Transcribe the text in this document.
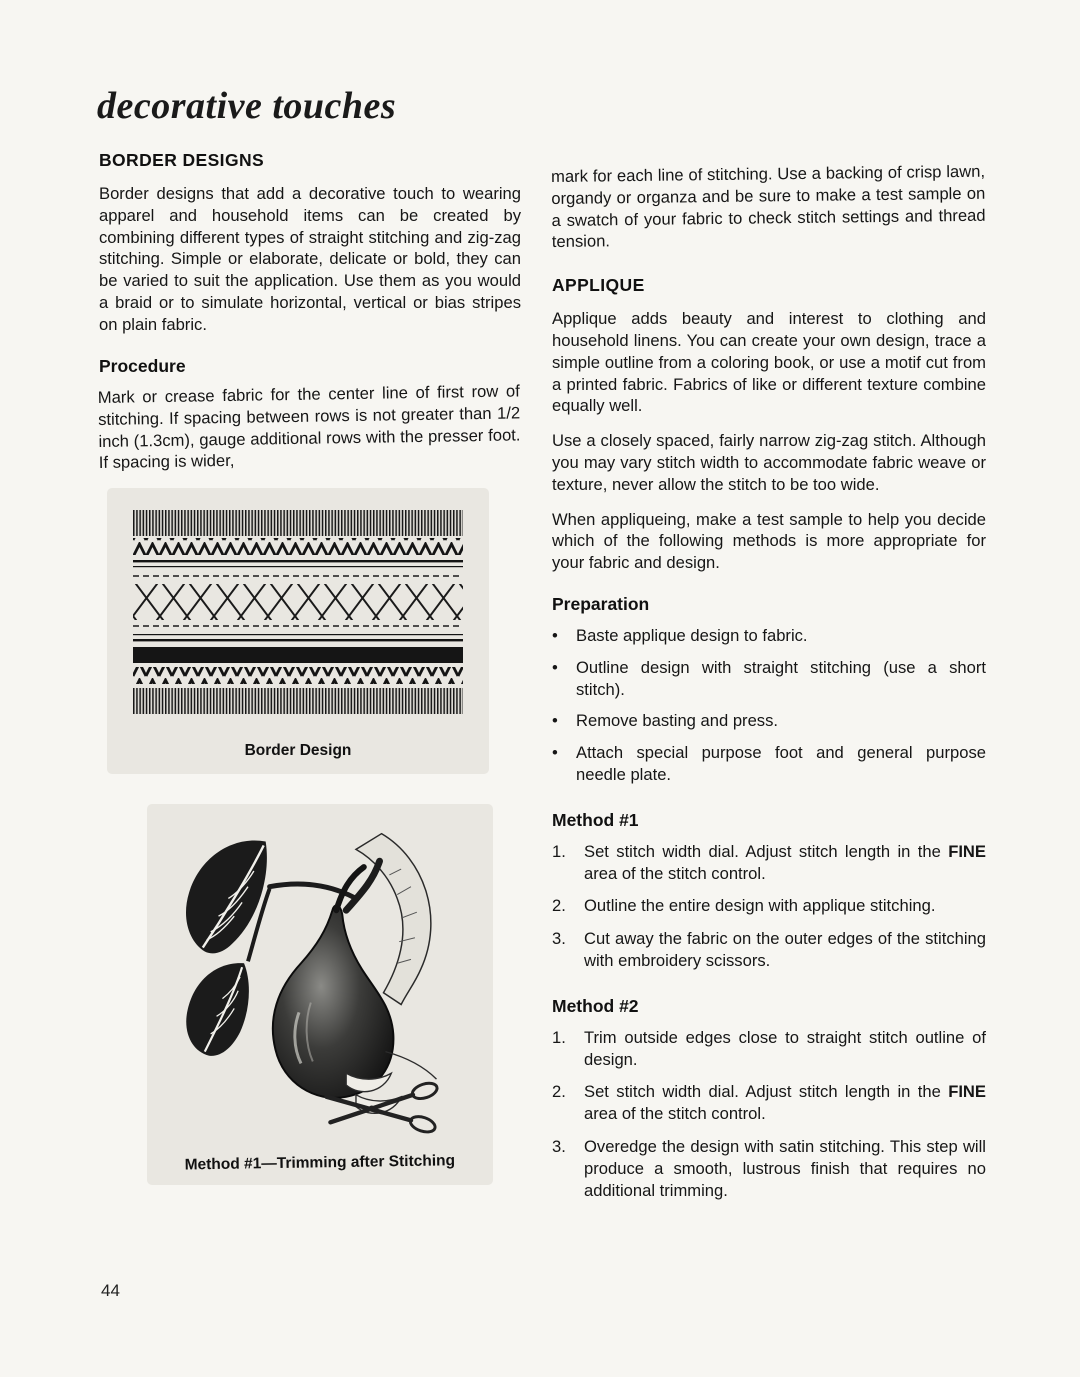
decorative touches
BORDER DESIGNS

Border designs that add a decorative touch to wearing apparel and household items can be created by combining different types of straight stitching and zig-zag stitching. Simple or elaborate, delicate or bold, they can be varied to suit the application. Use them as you would a braid or to simulate horizontal, vertical or bias stripes on plain fabric.

Procedure

Mark or crease fabric for the center line of first row of stitching. If spacing between rows is not greater than 1/2 inch (1.3cm), gauge additional rows with the presser foot. If spacing is wider,

Border Design
Method #1—Trimming after Stitching

mark for each line of stitching. Use a backing of crisp lawn, organdy or organza and be sure to make a test sample on a swatch of your fabric to check stitch settings and thread tension.

APPLIQUE

Applique adds beauty and interest to clothing and household linens. You can create your own design, trace a simple outline from a coloring book, or use a motif cut from a printed fabric. Fabrics of like or different texture combine equally well.

Use a closely spaced, fairly narrow zig-zag stitch. Although you may vary stitch width to accommodate fabric weave or texture, never allow the stitch to be too wide.

When appliqueing, make a test sample to help you decide which of the following methods is more appropriate for your fabric and design.

Preparation
• Baste applique design to fabric.
• Outline design with straight stitching (use a short stitch).
• Remove basting and press.
• Attach special purpose foot and general purpose needle plate.
Method #1
1. Set stitch width dial. Adjust stitch length in the FINE area of the stitch control.
2. Outline the entire design with applique stitching.
3. Cut away the fabric on the outer edges of the stitching with embroidery scissors.
Method #2
1. Trim outside edges close to straight stitch outline of design.
2. Set stitch width dial. Adjust stitch length in the FINE area of the stitch control.
3. Overedge the design with satin stitching. This step will produce a smooth, lustrous finish that requires no additional trimming.
44
